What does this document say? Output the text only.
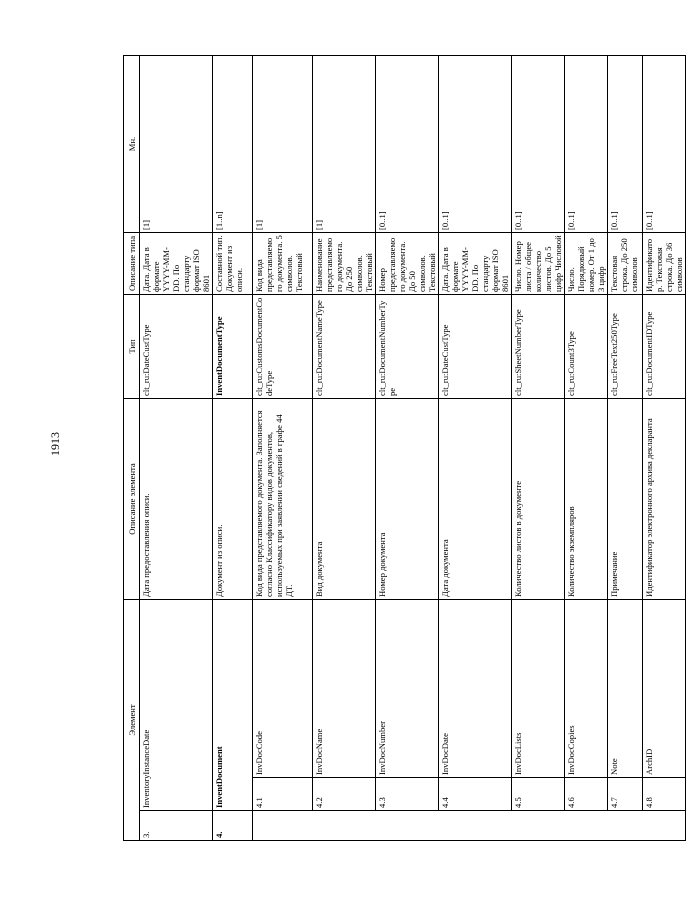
1913
Элемент			Описание элемента	Тип	Описание типа	Мн.
3.	InventoryInstanceDate		Дата предоставления описи.	clt_ru:DateCustType	Дата. Дата в формате YYYY-MM-DD. По стандарту формат ISO 8601	[1]
4.	InventDocument		Документ из описи.	InventDocumentType	Составной тип. Документ из описи.	[1..n]
	4.1	InvDocCode	Код вида представляемого документа. Заполняется согласно Классификатору видов документов, используемых при заявлении сведений в графе 44 ДТ.	clt_ru:CustomsDocumentCodeType	Код вида представляемого документа. 5 символов. Текстовый	[1]
	4.2	InvDocName	Вид документа	clt_ru:DocumentNameType	Наименование представляемого документа. До 250 символов. Текстовый	[1]
	4.3	InvDocNumber	Номер документа	clt_ru:DocumentNumberType	Номер представляемого документа. До 50 символов. Текстовый	[0..1]
	4.4	InvDocDate	Дата документа	clt_ru:DateCustType	Дата. Дата в формате YYYY-MM-DD. По стандарту формат ISO 8601	[0..1]
	4.5	InvDocLists	Количество листов в документе	clt_ru:SheetNumberType	Число. Номер листа / общее количество листов. До 5 цифр Числовой	[0..1]
	4.6	InvDocCopies	Количество экземпляров	clt_ru:Count3Type	Число. Порядковый номер. От 1 до 3 цифр	[0..1]
	4.7	Note	Примечание	clt_ru:FreeText250Type	Текстовая строка. До 250 символов	[0..1]
	4.8	ArchID	Идентификатор электронного архива декларанта	clt_ru:DocumentIDType	Идентификатор. Текстовая строка. До 36 символов	[0..1]
